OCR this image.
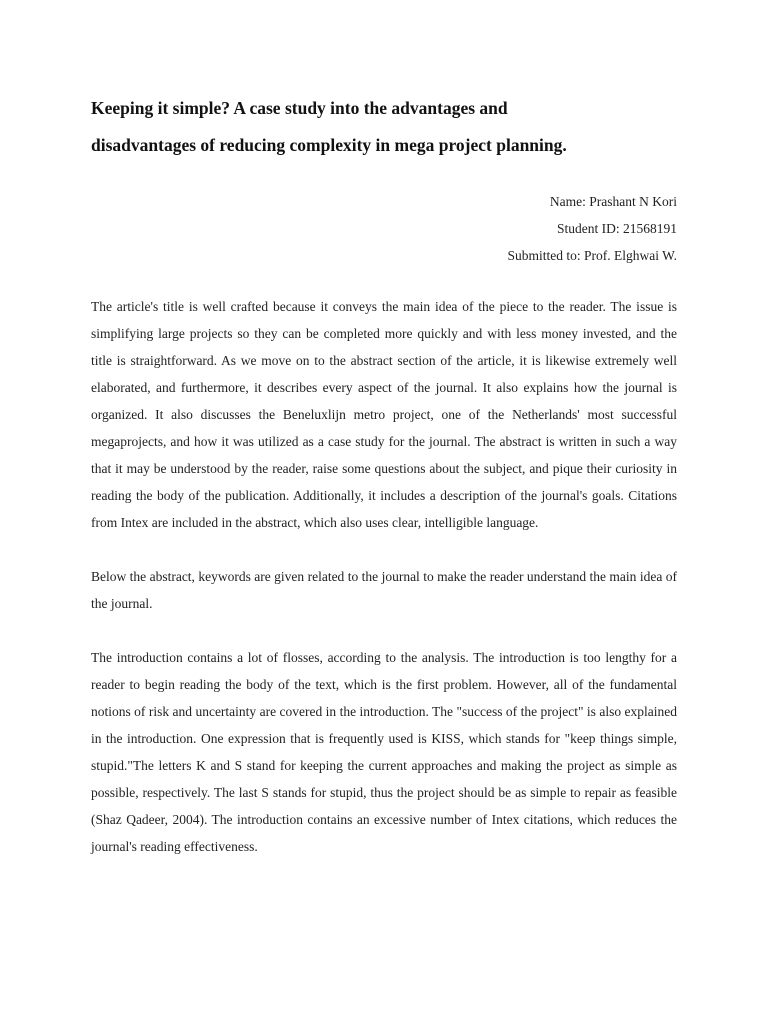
Keeping it simple? A case study into the advantages and
disadvantages of reducing complexity in mega project planning.
Name: Prashant N Kori
Student ID: 21568191
Submitted to: Prof. Elghwai W.

The article's title is well crafted because it conveys the main idea of the piece to the reader. The issue is simplifying large projects so they can be completed more quickly and with less money invested, and the title is straightforward. As we move on to the abstract section of the article, it is likewise extremely well elaborated, and furthermore, it describes every aspect of the journal. It also explains how the journal is organized. It also discusses the Beneluxlijn metro project, one of the Netherlands' most successful megaprojects, and how it was utilized as a case study for the journal. The abstract is written in such a way that it may be understood by the reader, raise some questions about the subject, and pique their curiosity in reading the body of the publication. Additionally, it includes a description of the journal's goals. Citations from Intex are included in the abstract, which also uses clear, intelligible language.

Below the abstract, keywords are given related to the journal to make the reader understand the main idea of the journal.

The introduction contains a lot of flosses, according to the analysis. The introduction is too lengthy for a reader to begin reading the body of the text, which is the first problem. However, all of the fundamental notions of risk and uncertainty are covered in the introduction. The "success of the project" is also explained in the introduction. One expression that is frequently used is KISS, which stands for "keep things simple, stupid."The letters K and S stand for keeping the current approaches and making the project as simple as possible, respectively. The last S stands for stupid, thus the project should be as simple to repair as feasible (Shaz Qadeer, 2004). The introduction contains an excessive number of Intex citations, which reduces the journal's reading effectiveness.
